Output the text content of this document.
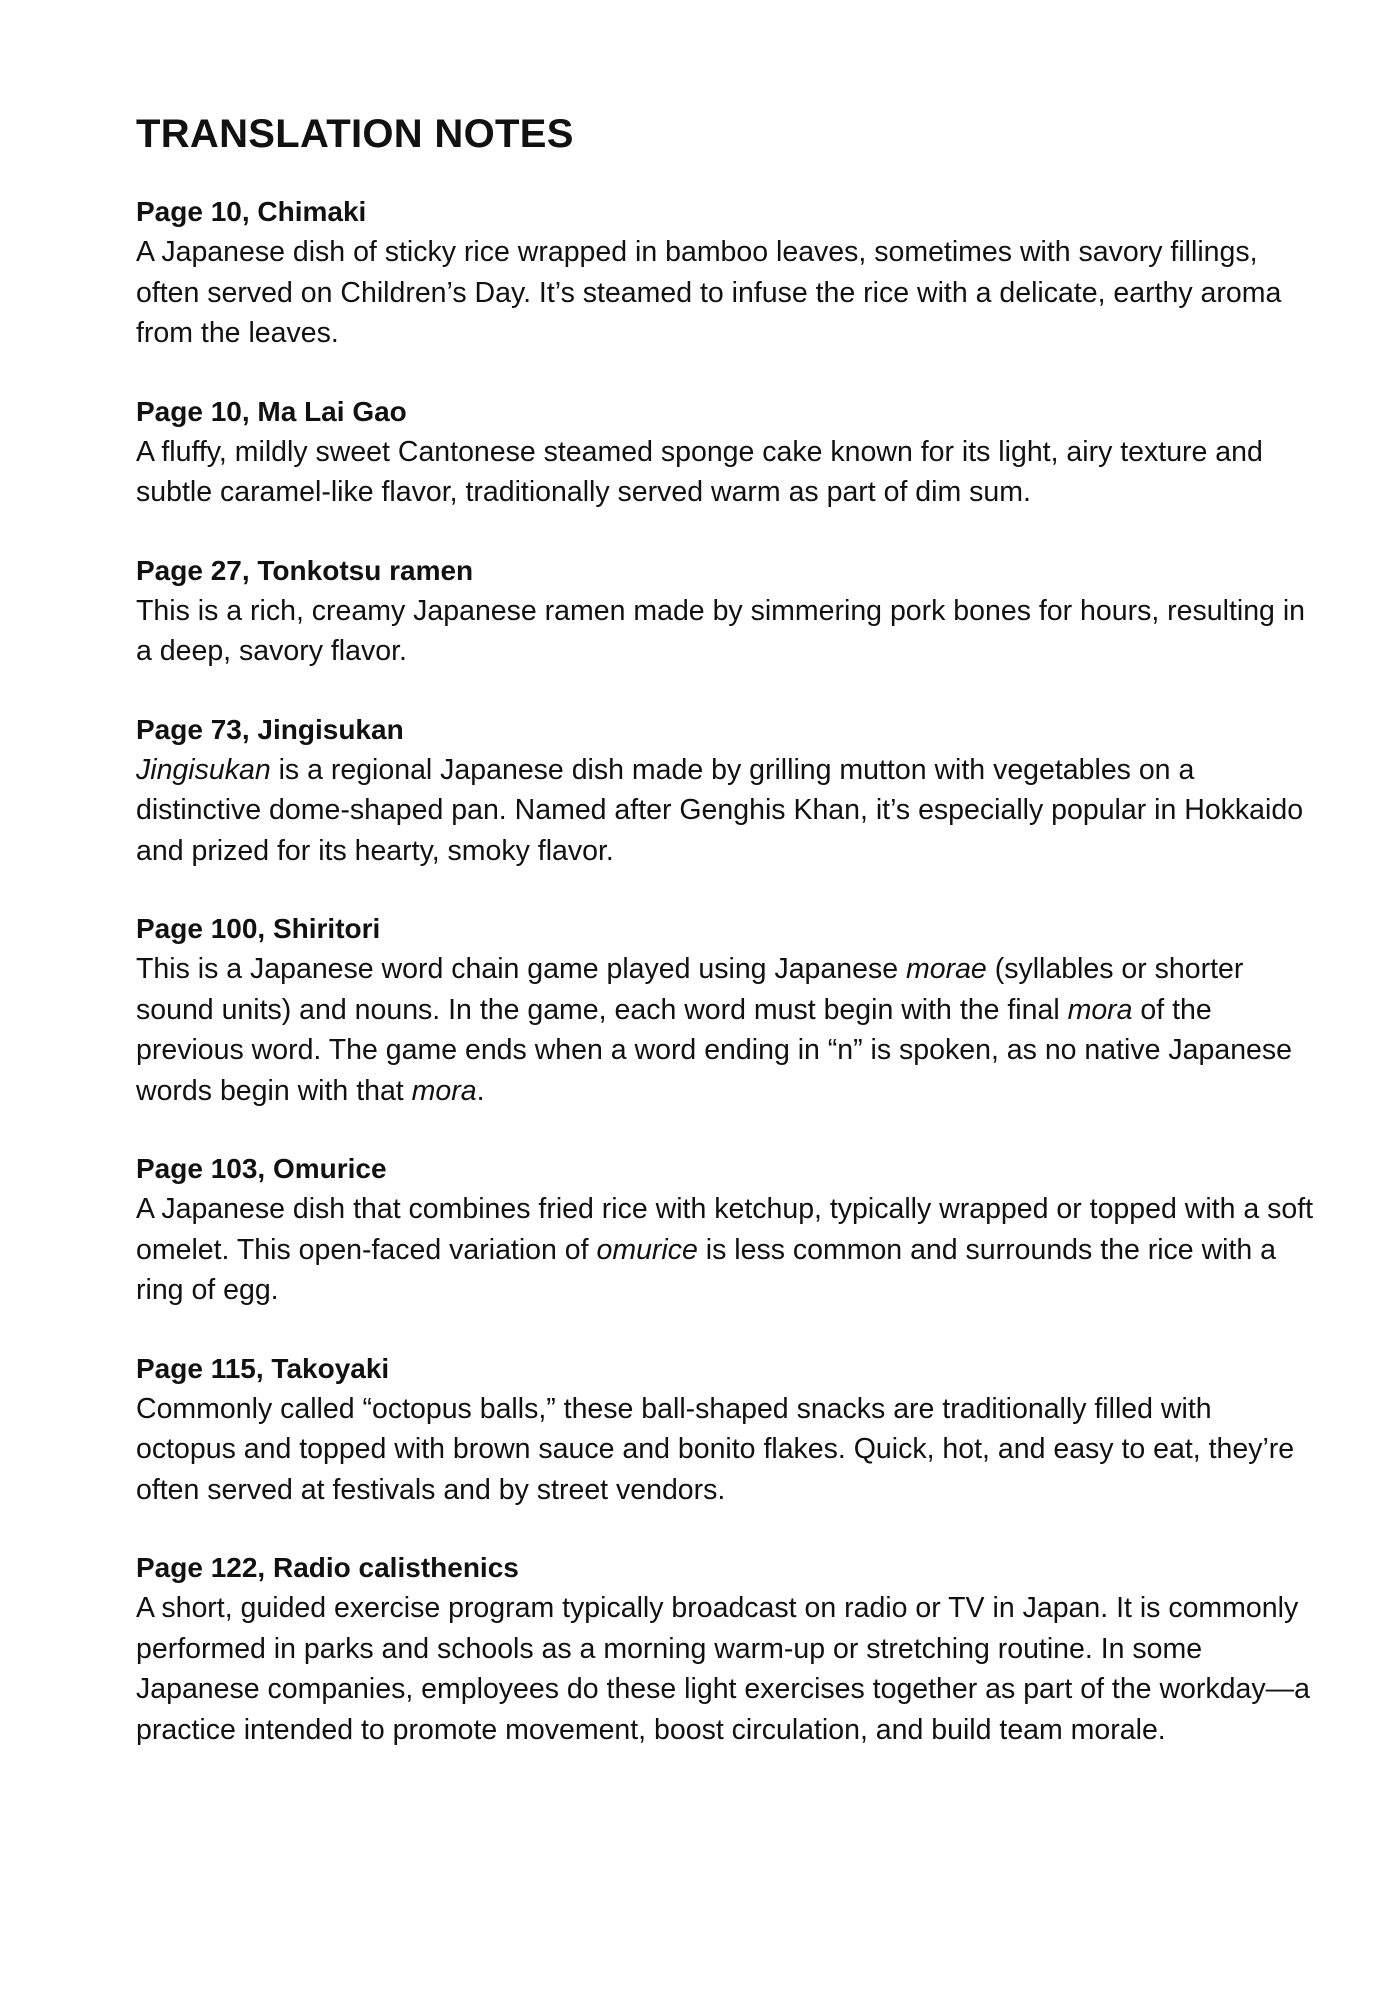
TRANSLATION NOTES

Page 10, Chimaki

A Japanese dish of sticky rice wrapped in bamboo leaves, sometimes with savory fillings, often served on Children’s Day. It’s steamed to infuse the rice with a delicate, earthy aroma from the leaves.

Page 10, Ma Lai Gao

A fluffy, mildly sweet Cantonese steamed sponge cake known for its light, airy texture and subtle caramel-like flavor, traditionally served warm as part of dim sum.

Page 27, Tonkotsu ramen

This is a rich, creamy Japanese ramen made by simmering pork bones for hours, resulting in a deep, savory flavor.

Page 73, Jingisukan

Jingisukan is a regional Japanese dish made by grilling mutton with vegetables on a distinctive dome-shaped pan. Named after Genghis Khan, it’s especially popular in Hokkaido and prized for its hearty, smoky flavor.

Page 100, Shiritori

This is a Japanese word chain game played using Japanese morae (syllables or shorter sound units) and nouns. In the game, each word must begin with the final mora of the previous word. The game ends when a word ending in “n” is spoken, as no native Japanese words begin with that mora.

Page 103, Omurice

A Japanese dish that combines fried rice with ketchup, typically wrapped or topped with a soft omelet. This open-faced variation of omurice is less common and surrounds the rice with a ring of egg.

Page 115, Takoyaki

Commonly called “octopus balls,” these ball-shaped snacks are traditionally filled with octopus and topped with brown sauce and bonito flakes. Quick, hot, and easy to eat, they’re often served at festivals and by street vendors.

Page 122, Radio calisthenics

A short, guided exercise program typically broadcast on radio or TV in Japan. It is commonly performed in parks and schools as a morning warm-up or stretching routine. In some Japanese companies, employees do these light exercises together as part of the workday—a practice intended to promote movement, boost circulation, and build team morale.
